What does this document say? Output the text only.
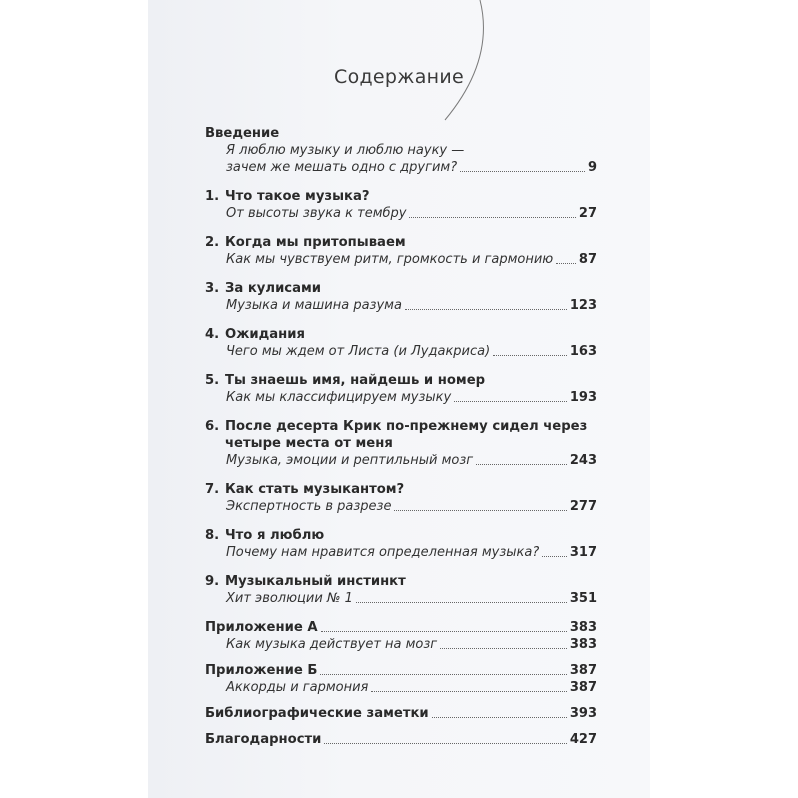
Содержание
Введение
Я люблю музыку и люблю науку —
зачем же мешать одно с другим?	9
1. Что такое музыка?
От высоты звука к тембру	27
2. Когда мы притопываем
Как мы чувствуем ритм, громкость и гармонию 87
3. За кулисами
Музыка и машина разума	123
4. Ожидания
Чего мы ждем от Листа (и Лудакриса)	163
5. Ты знаешь имя, найдешь и номер
Как мы классифицируем музыку	193
6. После десерта Крик по-прежнему сидел через
четыре места от меня
Музыка, эмоции и рептильный мозг	243
7. Как стать музыкантом?
Экспертность в разрезе	277
8. Что я люблю
Почему нам нравится определенная музыка? 317
9. Музыкальный инстинкт
Хит эволюции № 1	351
Приложение А	383
Как музыка действует на мозг	383
Приложение Б	387
Аккорды и гармония	387
Библиографические заметки	393
Благодарности	427
